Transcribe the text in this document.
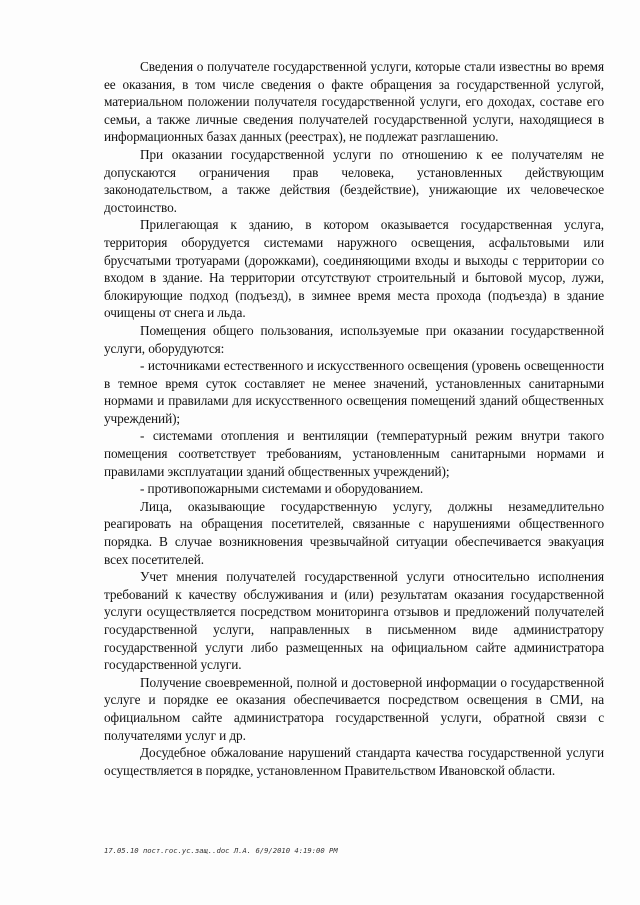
Сведения о получателе государственной услуги, которые стали известны во время ее оказания, в том числе сведения о факте обращения за государственной услугой, материальном положении получателя государственной услуги, его доходах, составе его семьи, а также личные сведения получателей государственной услуги, находящиеся в информационных базах данных (реестрах), не подлежат разглашению.

При оказании государственной услуги по отношению к ее получателям не допускаются ограничения прав человека, установленных действующим законодательством, а также действия (бездействие), унижающие их человеческое достоинство.

Прилегающая к зданию, в котором оказывается государственная услуга, территория оборудуется системами наружного освещения, асфальтовыми или брусчатыми тротуарами (дорожками), соединяющими входы и выходы с территории со входом в здание. На территории отсутствуют строительный и бытовой мусор, лужи, блокирующие подход (подъезд), в зимнее время места прохода (подъезда) в здание очищены от снега и льда.

Помещения общего пользования, используемые при оказании государственной услуги, оборудуются:

- источниками естественного и искусственного освещения (уровень освещенности в темное время суток составляет не менее значений, установленных санитарными нормами и правилами для искусственного освещения помещений зданий общественных учреждений);

- системами отопления и вентиляции (температурный режим внутри такого помещения соответствует требованиям, установленным санитарными нормами и правилами эксплуатации зданий общественных учреждений);

- противопожарными системами и оборудованием.

Лица, оказывающие государственную услугу, должны незамедлительно реагировать на обращения посетителей, связанные с нарушениями общественного порядка. В случае возникновения чрезвычайной ситуации обеспечивается эвакуация всех посетителей.

Учет мнения получателей государственной услуги относительно исполнения требований к качеству обслуживания и (или) результатам оказания государственной услуги осуществляется посредством мониторинга отзывов и предложений получателей государственной услуги, направленных в письменном виде администратору государственной услуги либо размещенных на официальном сайте администратора государственной услуги.

Получение своевременной, полной и достоверной информации о государственной услуге и порядке ее оказания обеспечивается посредством освещения в СМИ, на официальном сайте администратора государственной услуги, обратной связи с получателями услуг и др.

Досудебное обжалование нарушений стандарта качества государственной услуги осуществляется в порядке, установленном Правительством Ивановской области.

17.05.10 пост.гос.ус.защ..doc Л.А. 6/9/2010 4:19:00 PM
